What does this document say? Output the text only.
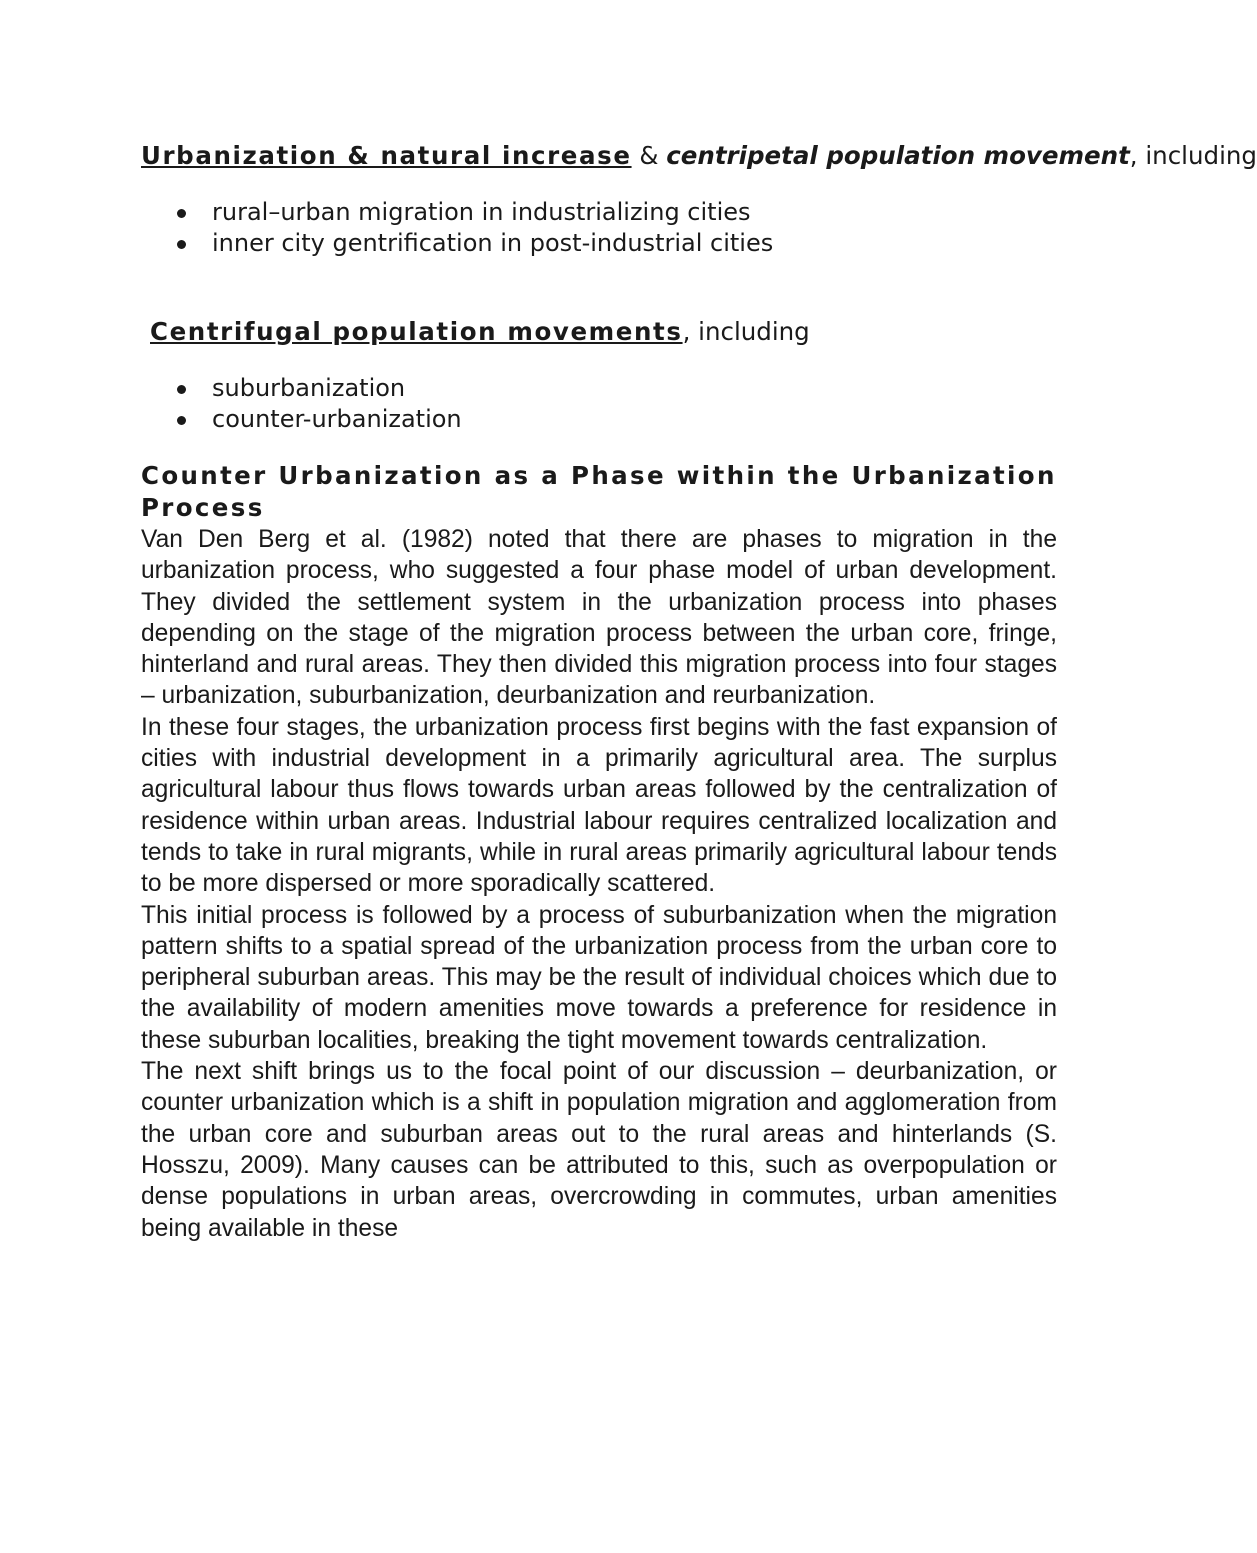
Urbanization & natural increase & centripetal population movement, including

rural–urban migration in industrializing cities
inner city gentrification in post-industrial cities

Centrifugal population movements, including

suburbanization
counter-urbanization
Counter Urbanization as a Phase within the Urbanization Process

Van Den Berg et al. (1982) noted that there are phases to migration in the urbanization process, who suggested a four phase model of urban development. They divided the settlement system in the urbanization process into phases depending on the stage of the migration process between the urban core, fringe, hinterland and rural areas. They then divided this migration process into four stages – urbanization, suburbanization, deurbanization and reurbanization.

In these four stages, the urbanization process first begins with the fast expansion of cities with industrial development in a primarily agricultural area. The surplus agricultural labour thus flows towards urban areas followed by the centralization of residence within urban areas. Industrial labour requires centralized localization and tends to take in rural migrants, while in rural areas primarily agricultural labour tends to be more dispersed or more sporadically scattered.

This initial process is followed by a process of suburbanization when the migration pattern shifts to a spatial spread of the urbanization process from the urban core to peripheral suburban areas. This may be the result of individual choices which due to the availability of modern amenities move towards a preference for residence in these suburban localities, breaking the tight movement towards centralization.

The next shift brings us to the focal point of our discussion – deurbanization, or counter urbanization which is a shift in population migration and agglomeration from the urban core and suburban areas out to the rural areas and hinterlands (S. Hosszu, 2009). Many causes can be attributed to this, such as overpopulation or dense populations in urban areas, overcrowding in commutes, urban amenities being available in these
